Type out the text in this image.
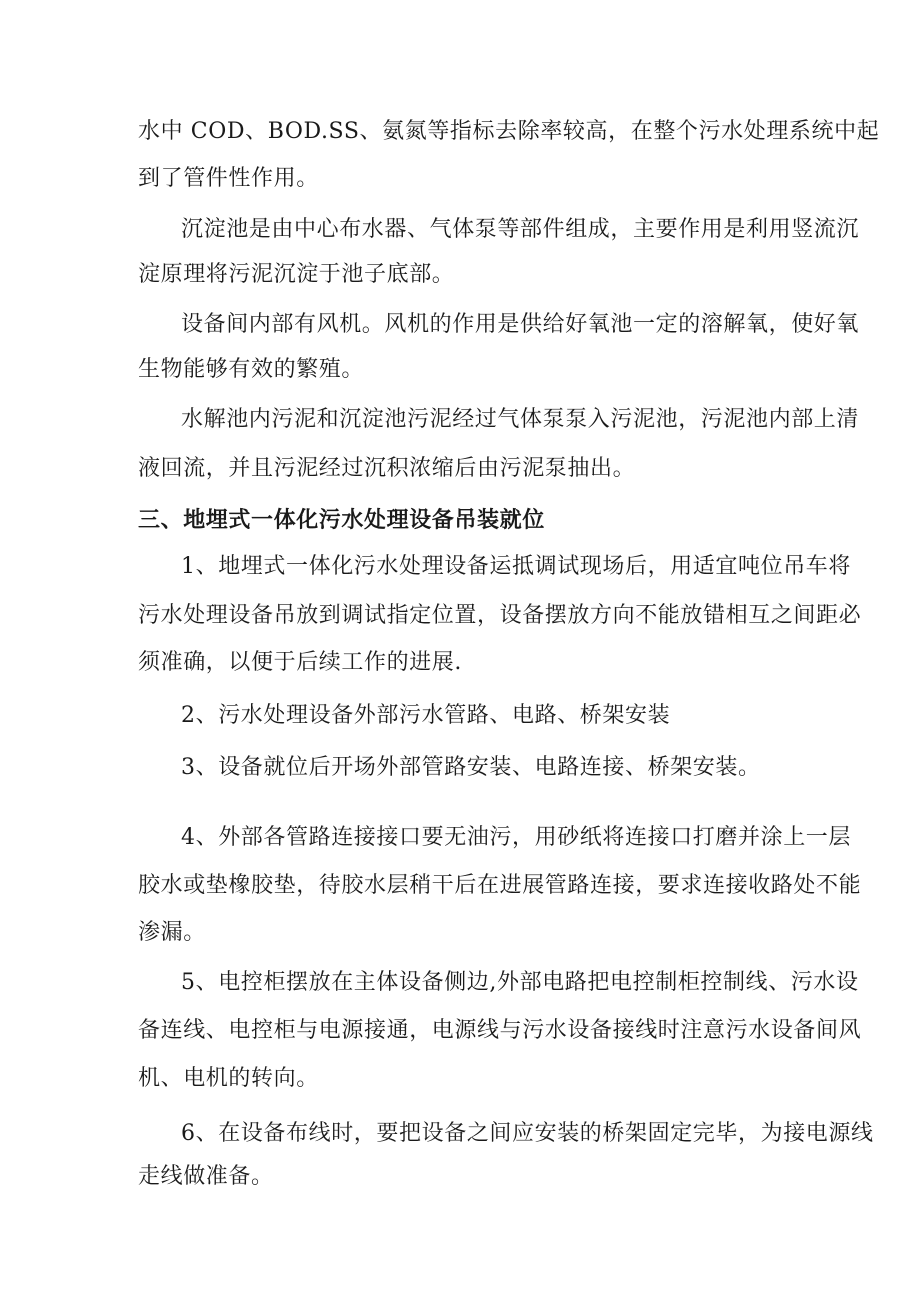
水中 COD、BOD.SS、氨氮等指标去除率较高，在整个污水处理系统中起
到了管件性作用。
沉淀池是由中心布水器、气体泵等部件组成，主要作用是利用竖流沉
淀原理将污泥沉淀于池子底部。
设备间内部有风机。风机的作用是供给好氧池一定的溶解氧，使好氧
生物能够有效的繁殖。
水解池内污泥和沉淀池污泥经过气体泵泵入污泥池，污泥池内部上清
液回流，并且污泥经过沉积浓缩后由污泥泵抽出。
三、地埋式一体化污水处理设备吊装就位
1、地埋式一体化污水处理设备运抵调试现场后，用适宜吨位吊车将
污水处理设备吊放到调试指定位置，设备摆放方向不能放错相互之间距必
须准确，以便于后续工作的进展.
2、污水处理设备外部污水管路、电路、桥架安装
3、设备就位后开场外部管路安装、电路连接、桥架安装。
4、外部各管路连接接口要无油污，用砂纸将连接口打磨并涂上一层
胶水或垫橡胶垫，待胶水层稍干后在进展管路连接，要求连接收路处不能
渗漏。
5、电控柜摆放在主体设备侧边,外部电路把电控制柜控制线、污水设
备连线、电控柜与电源接通，电源线与污水设备接线时注意污水设备间风
机、电机的转向。
6、在设备布线时，要把设备之间应安装的桥架固定完毕，为接电源线
走线做准备。
